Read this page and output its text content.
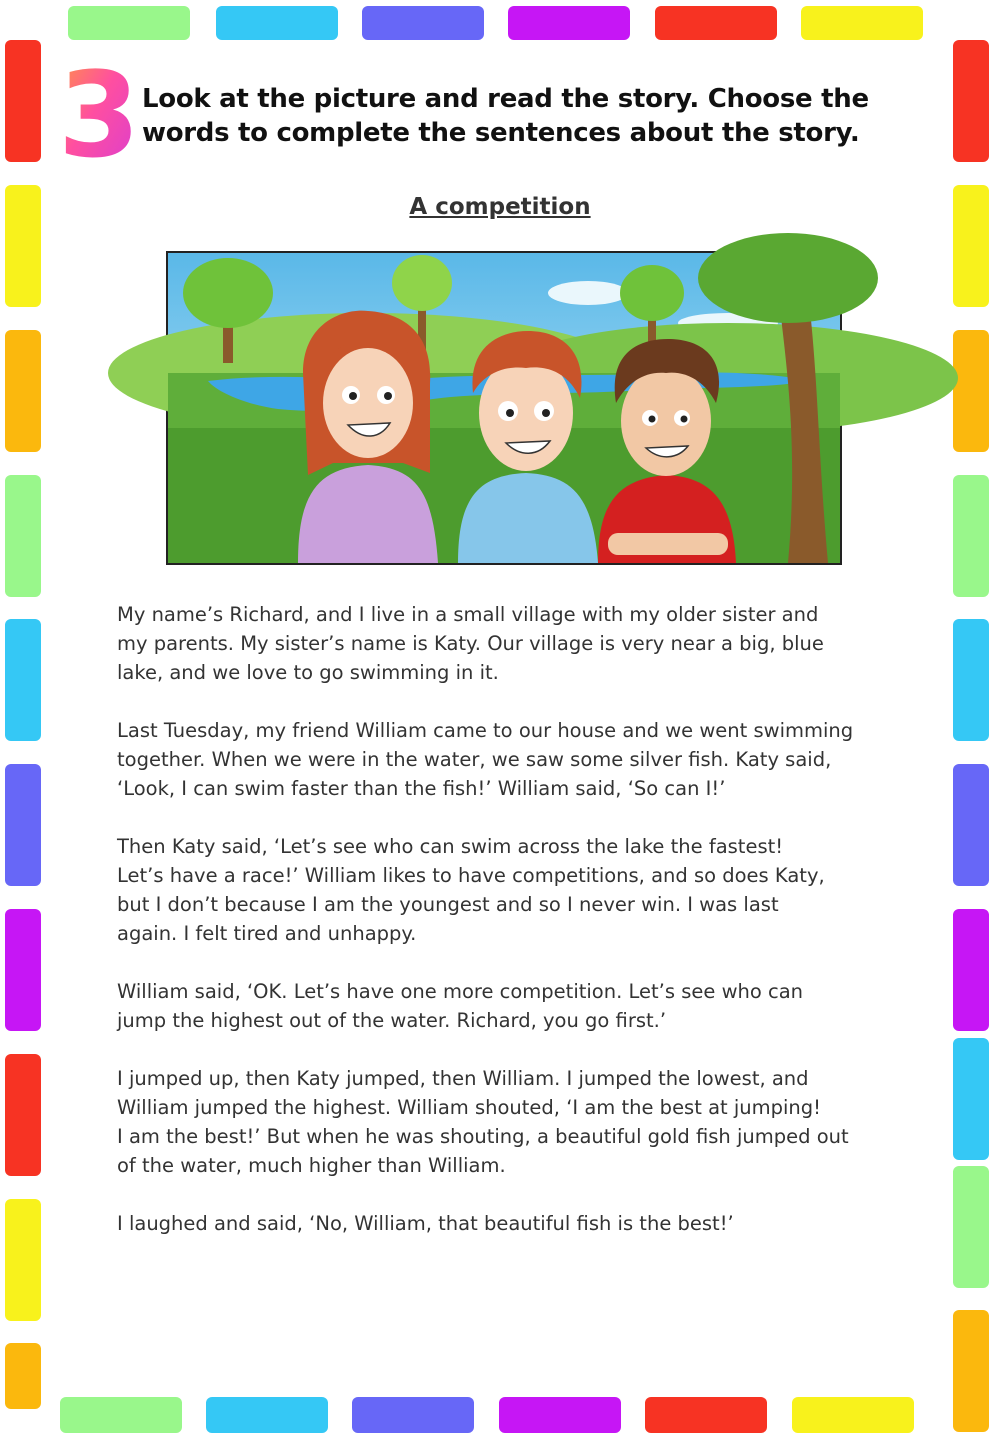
3 Look at the picture and read the story. Choose the words to complete the sentences about the story.
A competition

My name’s Richard, and I live in a small village with my older sister and
my parents. My sister’s name is Katy. Our village is very near a big, blue
lake, and we love to go swimming in it.

Last Tuesday, my friend William came to our house and we went swimming
together. When we were in the water, we saw some silver fish. Katy said,
‘Look, I can swim faster than the fish!’ William said, ‘So can I!’

Then Katy said, ‘Let’s see who can swim across the lake the fastest!
Let’s have a race!’ William likes to have competitions, and so does Katy,
but I don’t because I am the youngest and so I never win. I was last
again. I felt tired and unhappy.

William said, ‘OK. Let’s have one more competition. Let’s see who can
jump the highest out of the water. Richard, you go first.’

I jumped up, then Katy jumped, then William. I jumped the lowest, and
William jumped the highest. William shouted, ‘I am the best at jumping!
I am the best!’ But when he was shouting, a beautiful gold fish jumped out
of the water, much higher than William.

I laughed and said, ‘No, William, that beautiful fish is the best!’
